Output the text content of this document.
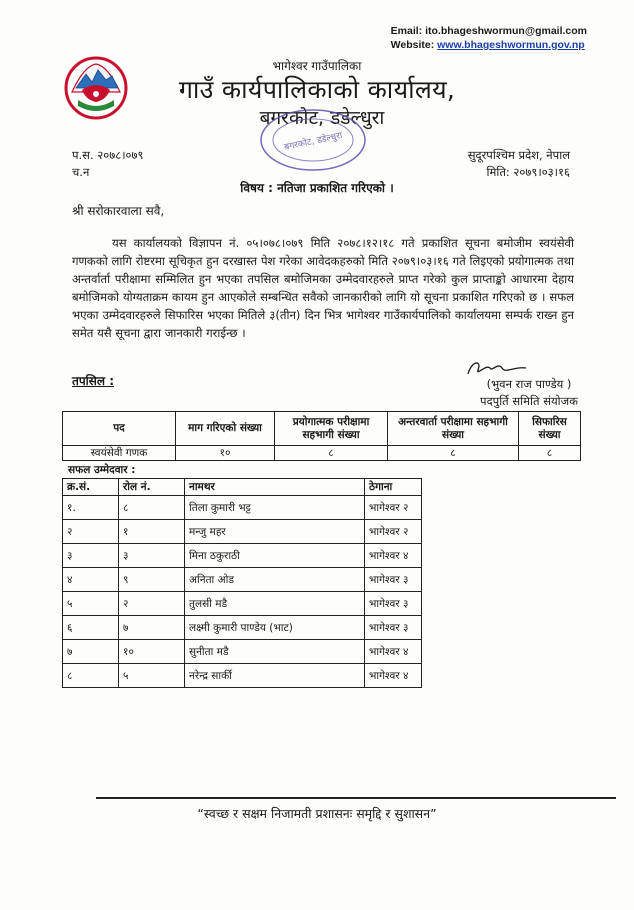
Email: ito.bhageshwormun@gmail.com
Website: www.bhageshwormun.gov.np
भागेश्वर गाउँपालिका
गाउँ कार्यपालिकाको कार्यालय,
बगरकोट, डडेल्धुरा
बगरकोट, डडेल्धुरा
प.स. २०७८।०७९
च.न
सुदूरपश्चिम प्रदेश, नेपाल
मिति: २०७९।०३।१६
विषय : नतिजा प्रकाशित गरिएको ।
श्री सरोकारवाला सवै,
यस कार्यालयको विज्ञापन नं. ०५।०७८।०७९ मिति २०७८।१२।१८ गते प्रकाशित सूचना बमोजीम स्वयंसेवी गणकको लागि रोष्टरमा सूचिकृत हुन दरखास्त पेश गरेका आवेदकहरुको मिति २०७९।०३।१६ गते लिइएको प्रयोगात्मक तथा अन्तर्वार्ता परीक्षामा सम्मिलित हुन भएका तपसिल बमोजिमका उम्मेदवारहरुले प्राप्त गरेको कुल प्राप्ताङ्को आधारमा देहाय बमोजिमको योग्यताक्रम कायम हुन आएकोले सम्बन्धित सवैको जानकारीको लागि यो सूचना प्रकाशित गरिएको छ । सफल भएका उम्मेदवारहरुले सिफारिस भएका मितिले ३(तीन) दिन भित्र भागेश्वर गाउँकार्यपालिको कार्यालयमा सम्पर्क राख्न हुन समेत यसै सूचना द्वारा जानकारी गराईन्छ ।
तपसिल :	(भुवन राज पाण्डेय )
पदपुर्ति समिति संयोजक
पद	माग गरिएको संख्या	प्रयोगात्मक परीक्षामा सहभागी संख्या	अन्तरवार्ता परीक्षामा सहभागी संख्या	सिफारिस संख्या
स्वयंसेवी गणक	१०	८	८	८
सफल उम्मेदवार :
क्र.सं.	रोल नं.	नामथर	ठेगाना
१.	८	तिला कुमारी भट्ट	भागेश्वर २
२	१	मन्जु महर	भागेश्वर २
३	३	मिना ठकुराठी	भागेश्वर ४
४	९	अनिता ओड	भागेश्वर ३
५	२	तुलसी मडै	भागेश्वर ३
६	७	लक्ष्मी कुमारी पाण्डेय (भाट)	भागेश्वर ३
७	१०	सुनीता मडै	भागेश्वर ४
८	५	नरेन्द्र सार्की	भागेश्वर ४
“स्वच्छ र सक्षम निजामती प्रशासनः समृद्दि र सुशासन”
